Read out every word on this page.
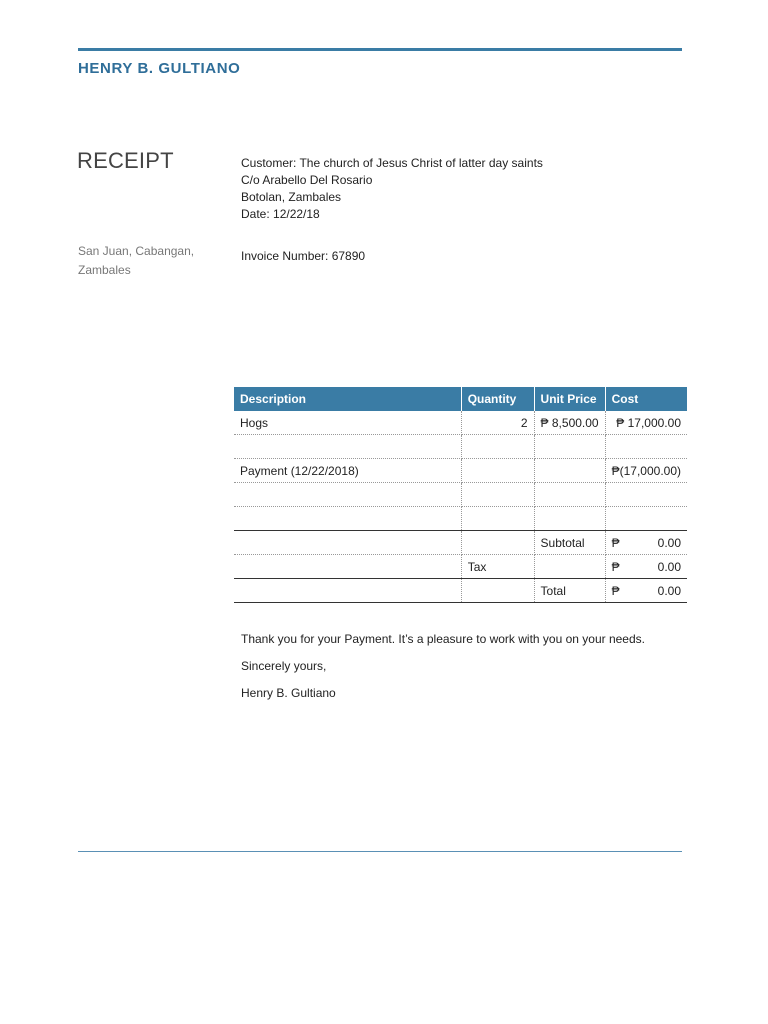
HENRY B. GULTIANO
RECEIPT
San Juan, Cabangan,
Zambales
Customer: The church of Jesus Christ of latter day saints
C/o Arabello Del Rosario
Botolan, Zambales
Date: 12/22/18
Invoice Number: 67890
Description	Quantity	Unit Price	Cost
Hogs	2	₱ 8,500.00	₱ 17,000.00

Payment (12/22/2018)			₱(17,000.00)

		Subtotal	₱ 0.00

	Tax		₱ 0.00

		Total	₱ 0.00

Thank you for your Payment. It’s a pleasure to work with you on your needs.

Sincerely yours,

Henry B. Gultiano
